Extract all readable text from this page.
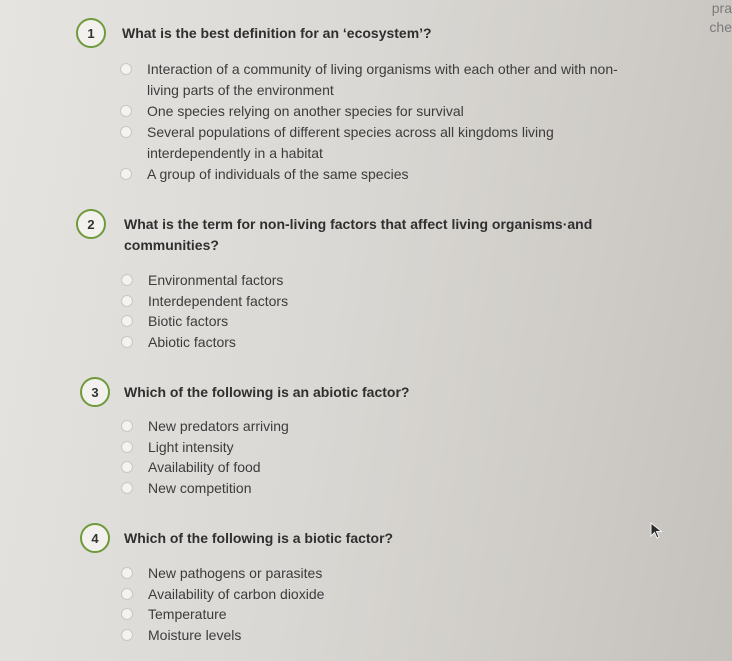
pra
che
1	What is the best definition for an ‘ecosystem’?
Interaction of a community of living organisms with each other and with non-
living parts of the environment
One species relying on another species for survival
Several populations of different species across all kingdoms living
interdependently in a habitat
A group of individuals of the same species
2	What is the term for non-living factors that affect living organisms·and
communities?
Environmental factors
Interdependent factors
Biotic factors
Abiotic factors
3	Which of the following is an abiotic factor?
New predators arriving
Light intensity
Availability of food
New competition
4	Which of the following is a biotic factor?
New pathogens or parasites
Availability of carbon dioxide
Temperature
Moisture levels
